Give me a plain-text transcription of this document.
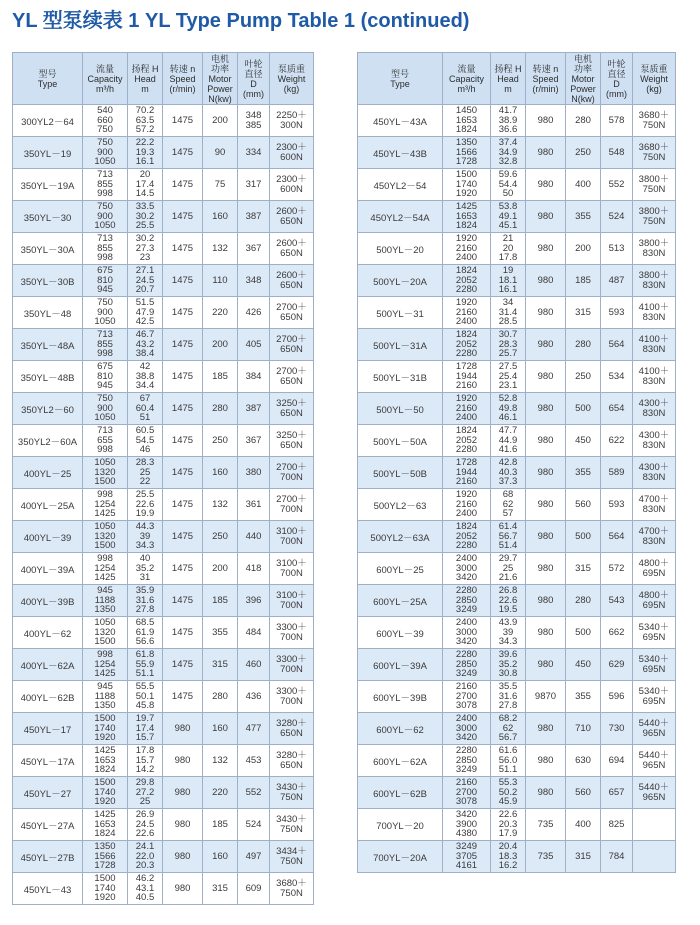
YL 型泵续表 1 YL Type Pump Table 1 (continued)
型号
Type	流量
Capacity
m³/h	扬程 H
Head
m	转速 n
Speed
(r/min)	电机
功率
Motor
Power
N(kw)	叶轮
直径
D
(mm)	泵质重
Weight
(kg)

300YL2－64	540
660
750	70.2
63.5
57.2	1475	200	348
385	2250＋
300N

350YL－19	750
900
1050	22.2
19.3
16.1	1475	90	334	2300＋
600N

350YL－19A	713
855
998	20
17.4
14.5	1475	75	317	2300＋
600N

350YL－30	750
900
1050	33.5
30.2
25.5	1475	160	387	2600＋
650N

350YL－30A	713
855
998	30.2
27.3
23	1475	132	367	2600＋
650N

350YL－30B	675
810
945	27.1
24.5
20.7	1475	110	348	2600＋
650N

350YL－48	750
900
1050	51.5
47.9
42.5	1475	220	426	2700＋
650N

350YL－48A	713
855
998	46.7
43.2
38.4	1475	200	405	2700＋
650N

350YL－48B	675
810
945	42
38.8
34.4	1475	185	384	2700＋
650N

350YL2－60	750
900
1050	67
60.4
51	1475	280	387	3250＋
650N

350YL2－60A	713
655
998	60.5
54.5
46	1475	250	367	3250＋
650N

400YL－25	1050
1320
1500	28.3
25
22	1475	160	380	2700＋
700N

400YL－25A	998
1254
1425	25.5
22.6
19.9	1475	132	361	2700＋
700N

400YL－39	1050
1320
1500	44.3
39
34.3	1475	250	440	3100＋
700N

400YL－39A	998
1254
1425	40
35.2
31	1475	200	418	3100＋
700N

400YL－39B	945
1188
1350	35.9
31.6
27.8	1475	185	396	3100＋
700N

400YL－62	1050
1320
1500	68.5
61.9
56.6	1475	355	484	3300＋
700N

400YL－62A	998
1254
1425	61.8
55.9
51.1	1475	315	460	3300＋
700N

400YL－62B	945
1188
1350	55.5
50.1
45.8	1475	280	436	3300＋
700N

450YL－17	1500
1740
1920	19.7
17.4
15.7	980	160	477	3280＋
650N

450YL－17A	1425
1653
1824	17.8
15.7
14.2	980	132	453	3280＋
650N

450YL－27	1500
1740
1920	29.8
27.2
25	980	220	552	3430＋
750N

450YL－27A	1425
1653
1824	26.9
24.5
22.6	980	185	524	3430＋
750N

450YL－27B	1350
1566
1728	24.1
22.0
20.3	980	160	497	3434＋
750N

450YL－43	1500
1740
1920	46.2
43.1
40.5	980	315	609	3680＋
750N
型号
Type	流量
Capacity
m³/h	扬程 H
Head
m	转速 n
Speed
(r/min)	电机
功率
Motor
Power
N(kw)	叶轮
直径
D
(mm)	泵质重
Weight
(kg)

450YL－43A	1450
1653
1824	41.7
38.9
36.6	980	280	578	3680＋
750N

450YL－43B	1350
1566
1728	37.4
34.9
32.8	980	250	548	3680＋
750N

450YL2－54	1500
1740
1920	59.6
54.4
50	980	400	552	3800＋
750N

450YL2－54A	1425
1653
1824	53.8
49.1
45.1	980	355	524	3800＋
750N

500YL－20	1920
2160
2400	21
20
17.8	980	200	513	3800＋
830N

500YL－20A	1824
2052
2280	19
18.1
16.1	980	185	487	3800＋
830N

500YL－31	1920
2160
2400	34
31.4
28.5	980	315	593	4100＋
830N

500YL－31A	1824
2052
2280	30.7
28.3
25.7	980	280	564	4100＋
830N

500YL－31B	1728
1944
2160	27.5
25.4
23.1	980	250	534	4100＋
830N

500YL－50	1920
2160
2400	52.8
49.8
46.1	980	500	654	4300＋
830N

500YL－50A	1824
2052
2280	47.7
44.9
41.6	980	450	622	4300＋
830N

500YL－50B	1728
1944
2160	42.8
40.3
37.3	980	355	589	4300＋
830N

500YL2－63	1920
2160
2400	68
62
57	980	560	593	4700＋
830N

500YL2－63A	1824
2052
2280	61.4
56.7
51.4	980	500	564	4700＋
830N

600YL－25	2400
3000
3420	29.7
25
21.6	980	315	572	4800＋
695N

600YL－25A	2280
2850
3249	26.8
22.6
19.5	980	280	543	4800＋
695N

600YL－39	2400
3000
3420	43.9
39
34.3	980	500	662	5340＋
695N

600YL－39A	2280
2850
3249	39.6
35.2
30.8	980	450	629	5340＋
695N

600YL－39B	2160
2700
3078	35.5
31.6
27.8	9870	355	596	5340＋
695N

600YL－62	2400
3000
3420	68.2
62
56.7	980	710	730	5440＋
965N

600YL－62A	2280
2850
3249	61.6
56.0
51.1	980	630	694	5440＋
965N

600YL－62B	2160
2700
3078	55.3
50.2
45.9	980	560	657	5440＋
965N

700YL－20	3420
3900
4380	22.6
20.3
17.9	735	400	825	

700YL－20A	3249
3705
4161	20.4
18.3
16.2	735	315	784	
